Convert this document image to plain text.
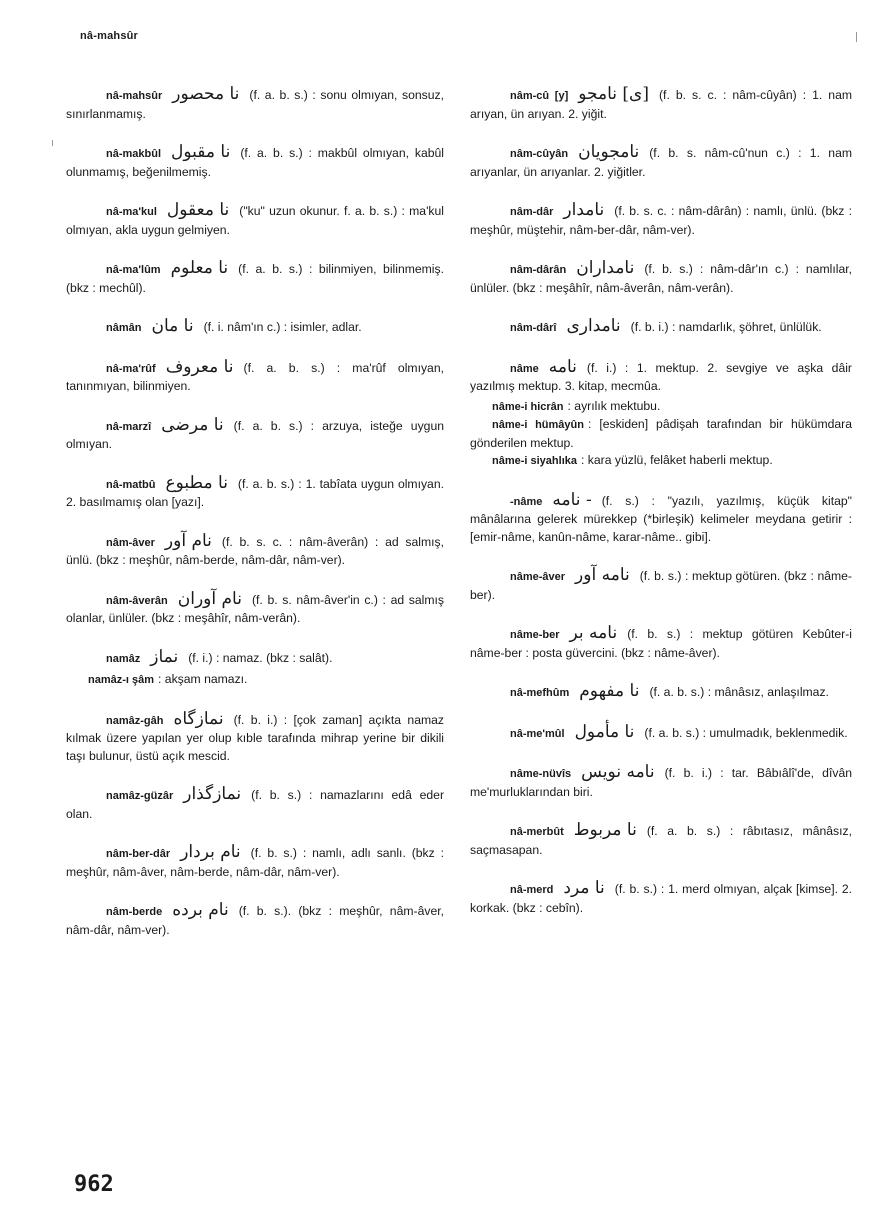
nâ-mahsûr
nâ-mahsûr نا محصور (f. a. b. s.) : sonu olmıyan, sonsuz, sınırlanmamış.
nâ-makbûl نا مقبول (f. a. b. s.) : makbûl olmıyan, kabûl olunmamış, beğenilmemiş.
nâ-ma'kul نا معقول ("ku" uzun okunur. f. a. b. s.) : ma'kul olmıyan, akla uygun gelmiyen.
nâ-ma'lûm نا معلوم (f. a. b. s.) : bilinmiyen, bilinmemiş. (bkz : mechûl).
nâmân نا مان (f. i. nâm'ın c.) : isimler, adlar.
nâ-ma'rûf نا معروف (f. a. b. s.) : ma'rûf olmıyan, tanınmıyan, bilinmiyen.
nâ-marzî نا مرضی (f. a. b. s.) : arzuya, isteğe uygun olmıyan.
nâ-matbû نا مطبوع (f. a. b. s.) : 1. tabîata uygun olmıyan. 2. basılmamış olan [yazı].
nâm-âver نام آور (f. b. s. c. : nâm-âverân) : ad salmış, ünlü. (bkz : meşhûr, nâm-berde, nâm-dâr, nâm-ver).
nâm-âverân نام آوران (f. b. s. nâm-âver'in c.) : ad salmış olanlar, ünlüler. (bkz : meşâhîr, nâm-verân).
namâz نماز (f. i.) : namaz. (bkz : salât).
namâz-ı şâm : akşam namazı.
namâz-gâh نمازگاه (f. b. i.) : [çok zaman] açıkta namaz kılmak üzere yapılan yer olup kıble tarafında mihrap yerine bir dikili taşı bulunur, üstü açık mescid.
namâz-güzâr نمازگذار (f. b. s.) : namazlarını edâ eder olan.
nâm-ber-dâr نام بردار (f. b. s.) : namlı, adlı sanlı. (bkz : meşhûr, nâm-âver, nâm-berde, nâm-dâr, nâm-ver).
nâm-berde نام برده (f. b. s.). (bkz : meşhûr, nâm-âver, nâm-dâr, nâm-ver).
nâm-cû [y] [ی] نامجو (f. b. s. c. : nâm-cûyân) : 1. nam arıyan, ün arıyan. 2. yiğit.
nâm-cûyân نامجویان (f. b. s. nâm-cû'nun c.) : 1. nam arıyanlar, ün arıyanlar. 2. yiğitler.
nâm-dâr نامدار (f. b. s. c. : nâm-dârân) : namlı, ünlü. (bkz : meşhûr, müştehir, nâm-ber-dâr, nâm-ver).
nâm-dârân نامداران (f. b. s.) : nâm-dâr'ın c.) : namlılar, ünlüler. (bkz : meşâhîr, nâm-âverân, nâm-verân).
nâm-dârî نامداری (f. b. i.) : namdarlık, şöhret, ünlülük.
nâme نامه (f. i.) : 1. mektup. 2. sevgiye ve aşka dâir yazılmış mektup. 3. kitap, mecmûa.
nâme-i hicrân : ayrılık mektubu.
nâme-i hümâyûn : [eskiden] pâdişah tarafından bir hükümdara gönderilen mektup.
nâme-i siyahlıka : kara yüzlü, felâket haberli mektup.
-nâme - نامه (f. s.) : "yazılı, yazılmış, küçük kitap" mânâlarına gelerek mürekkep (*birleşik) kelimeler meydana getirir : [emir-nâme, kanûn-nâme, karar-nâme.. gibi].
nâme-âver نامه آور (f. b. s.) : mektup götüren. (bkz : nâme-ber).
nâme-ber نامه بر (f. b. s.) : mektup götüren Kebûter-i nâme-ber : posta güvercini. (bkz : nâme-âver).
nâ-mefhûm نا مفهوم (f. a. b. s.) : mânâsız, anlaşılmaz.
nâ-me'mûl نا مأمول (f. a. b. s.) : umulmadık, beklenmedik.
nâme-nüvîs نامه نویس (f. b. i.) : tar. Bâbıâlî'de, dîvân me'murluklarından biri.
nâ-merbût نا مربوط (f. a. b. s.) : râbıtasız, mânâsız, saçmasapan.
nâ-merd نا مرد (f. b. s.) : 1. merd olmıyan, alçak [kimse]. 2. korkak. (bkz : cebîn).
962
